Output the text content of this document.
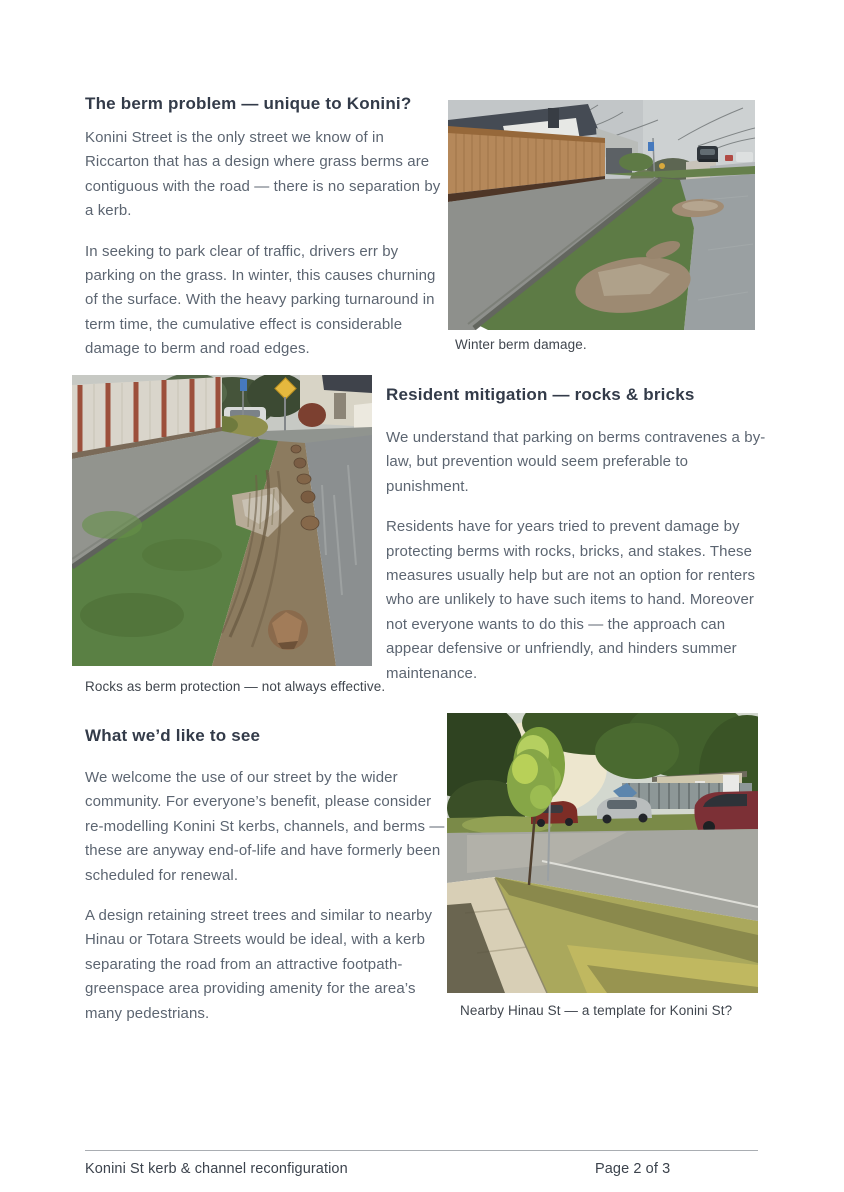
The berm problem — unique to Konini?

Konini Street is the only street we know of in Riccarton that has a design where grass berms are contiguous with the road — there is no separation by a kerb.

In seeking to park clear of traffic, drivers err by parking on the grass. In winter, this causes churning of the surface. With the heavy parking turnaround in term time, the cumulative effect is considerable damage to berm and road edges.	Winter berm damage.
Rocks as berm protection — not always effective.
Resident mitigation — rocks & bricks

We understand that parking on berms contravenes a by-law, but prevention would seem preferable to punishment.

Residents have for years tried to prevent damage by protecting berms with rocks, bricks, and stakes. These measures usually help but are not an option for renters who are unlikely to have such items to hand. Moreover not everyone wants to do this — the approach can appear defensive or unfriendly, and hinders summer maintenance.

What we’d like to see

We welcome the use of our street by the wider community. For everyone’s benefit, please consider re-modelling Konini St kerbs, channels, and berms — these are anyway end-of-life and have formerly been scheduled for renewal.

A design retaining street trees and similar to nearby Hinau or Totara Streets would be ideal, with a kerb separating the road from an attractive footpath-greenspace area providing amenity for the area’s many pedestrians.	Nearby Hinau St — a template for Konini St?
Konini St kerb & channel reconfiguration	Page 2 of 3
